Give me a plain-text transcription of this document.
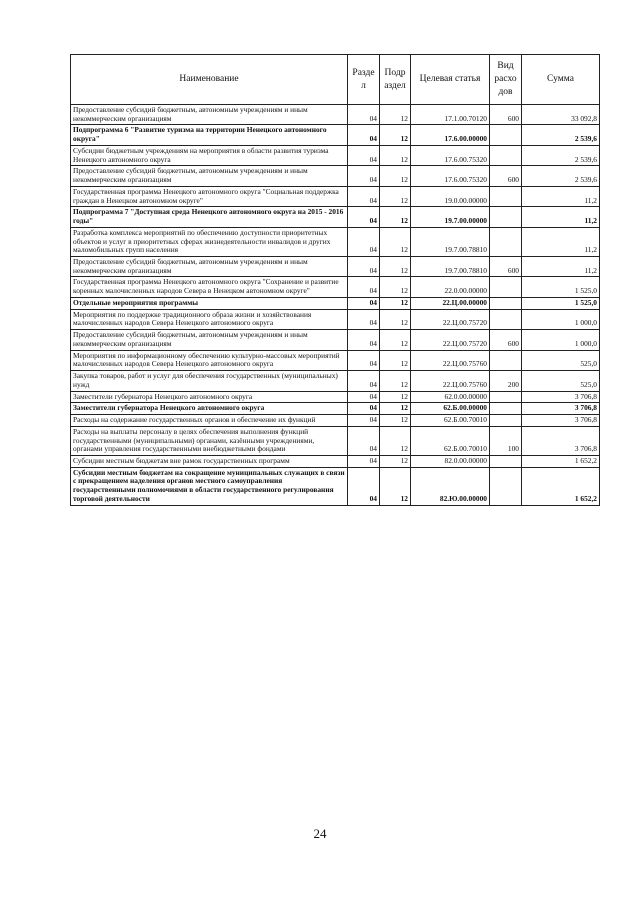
Наименование	Разде л	Подр аздел	Целевая статья	Вид расхо дов	Сумма
Предоставление субсидий бюджетным, автономным учреждениям и иным некоммерческим организациям	04	12	17.1.00.70120	600	33 092,8
Подпрограмма 6 "Развитие туризма на территории Ненецкого автономного округа"	04	12	17.6.00.00000		2 539,6
Субсидии бюджетным учреждениям на мероприятия в области развития туризма Ненецкого автономного округа	04	12	17.6.00.75320		2 539,6
Предоставление субсидий бюджетным, автономным учреждениям и иным некоммерческим организациям	04	12	17.6.00.75320	600	2 539,6
Государственная программа Ненецкого автономного округа "Социальная поддержка граждан в Ненецком автономном округе"	04	12	19.0.00.00000		11,2
Подпрограмма 7 "Доступная среда Ненецкого автономного округа на 2015 - 2016 годы"	04	12	19.7.00.00000		11,2
Разработка комплекса мероприятий по обеспечению доступности приоритетных объектов и услуг в приоритетных сферах жизнедеятельности инвалидов и других маломобильных групп населения	04	12	19.7.00.78810		11,2
Предоставление субсидий бюджетным, автономным учреждениям и иным некоммерческим организациям	04	12	19.7.00.78810	600	11,2
Государственная программа Ненецкого автономного округа "Сохранение и развитие коренных малочисленных народов Севера в Ненецком автономном округе"	04	12	22.0.00.00000		1 525,0
Отдельные мероприятия программы	04	12	22.Ц.00.00000		1 525,0
Мероприятия по поддержке традиционного образа жизни и хозяйствования малочисленных народов Севера Ненецкого автономного округа	04	12	22.Ц.00.75720		1 000,0
Предоставление субсидий бюджетным, автономным учреждениям и иным некоммерческим организациям	04	12	22.Ц.00.75720	600	1 000,0
Мероприятия по информационному обеспечению культурно-массовых мероприятий малочисленных народов Севера Ненецкого автономного округа	04	12	22.Ц.00.75760		525,0
Закупка товаров, работ и услуг для обеспечения государственных (муниципальных) нужд	04	12	22.Ц.00.75760	200	525,0
Заместители губернатора Ненецкого автономного округа	04	12	62.0.00.00000		3 706,8
Заместители губернатора Ненецкого автономного округа	04	12	62.Б.00.00000		3 706,8
Расходы на содержание государственных органов и обеспечение их функций	04	12	62.Б.00.70010		3 706,8
Расходы на выплаты персоналу в целях обеспечения выполнения функций государственными (муниципальными) органами, казёнными учреждениями, органами управления государственными внебюджетными фондами	04	12	62.Б.00.70010	100	3 706,8
Субсидии местным бюджетам вне рамок государственных программ	04	12	82.0.00.00000		1 652,2
Субсидии местным бюджетам на сокращение муниципальных служащих в связи с прекращением наделения органов местного самоуправления государственными полномочиями в области государственного регулирования торговой деятельности	04	12	82.Ю.00.00000		1 652,2
24
